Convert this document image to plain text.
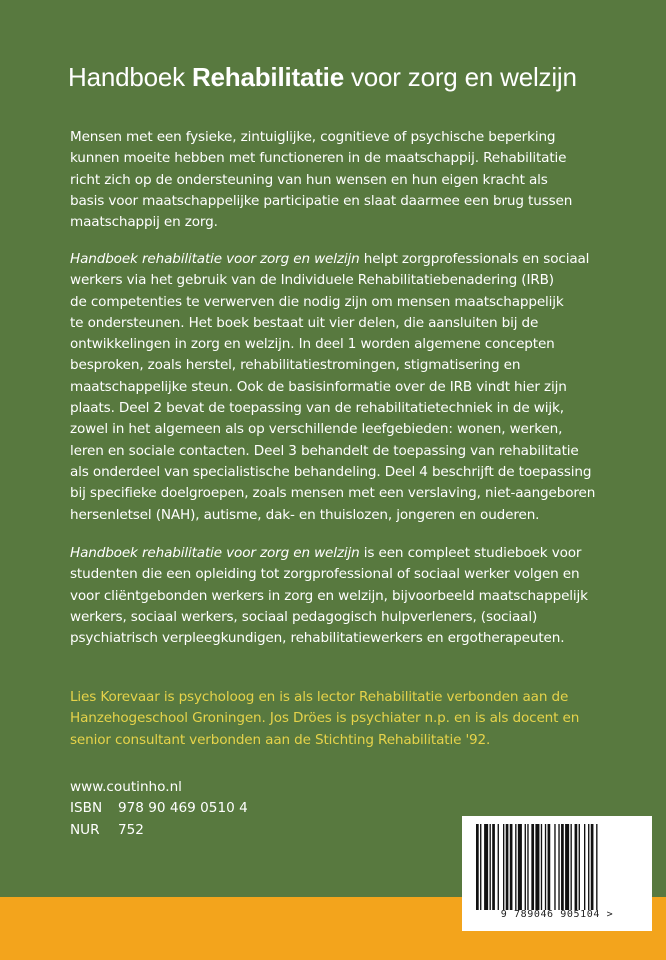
Handboek Rehabilitatie voor zorg en welzijn

Mensen met een fysieke, zintuiglijke, cognitieve of psychische beperking
kunnen moeite hebben met functioneren in de maatschappij. Rehabilitatie
richt zich op de ondersteuning van hun wensen en hun eigen kracht als
basis voor maatschappelijke participatie en slaat daarmee een brug tussen
maatschappij en zorg.

Handboek rehabilitatie voor zorg en welzijn helpt zorgprofessionals en sociaal
werkers via het gebruik van de Individuele Rehabilitatiebenadering (IRB)
de competenties te verwerven die nodig zijn om mensen maatschappelijk
te ondersteunen. Het boek bestaat uit vier delen, die aansluiten bij de
ontwikkelingen in zorg en welzijn. In deel 1 worden algemene concepten
besproken, zoals herstel, rehabilitatiestromingen, stigmatisering en
maatschappelijke steun. Ook de basisinformatie over de IRB vindt hier zijn
plaats. Deel 2 bevat de toepassing van de rehabilitatietechniek in de wijk,
zowel in het algemeen als op verschillende leefgebieden: wonen, werken,
leren en sociale contacten. Deel 3 behandelt de toepassing van rehabilitatie
als onderdeel van specialistische behandeling. Deel 4 beschrijft de toepassing
bij specifieke doelgroepen, zoals mensen met een verslaving, niet-aangeboren
hersenletsel (NAH), autisme, dak- en thuislozen, jongeren en ouderen.

Handboek rehabilitatie voor zorg en welzijn is een compleet studieboek voor
studenten die een opleiding tot zorgprofessional of sociaal werker volgen en
voor cliëntgebonden werkers in zorg en welzijn, bijvoorbeeld maatschappelijk
werkers, sociaal werkers, sociaal pedagogisch hulpverleners, (sociaal)
psychiatrisch verpleegkundigen, rehabilitatiewerkers en ergotherapeuten.

Lies Korevaar is psycholoog en is als lector Rehabilitatie verbonden aan de
Hanzehogeschool Groningen. Jos Dröes is psychiater n.p. en is als docent en
senior consultant verbonden aan de Stichting Rehabilitatie '92.
www.coutinho.nl
ISBN 978 90 469 0510 4
NUR 752
9 789046 905104 >
